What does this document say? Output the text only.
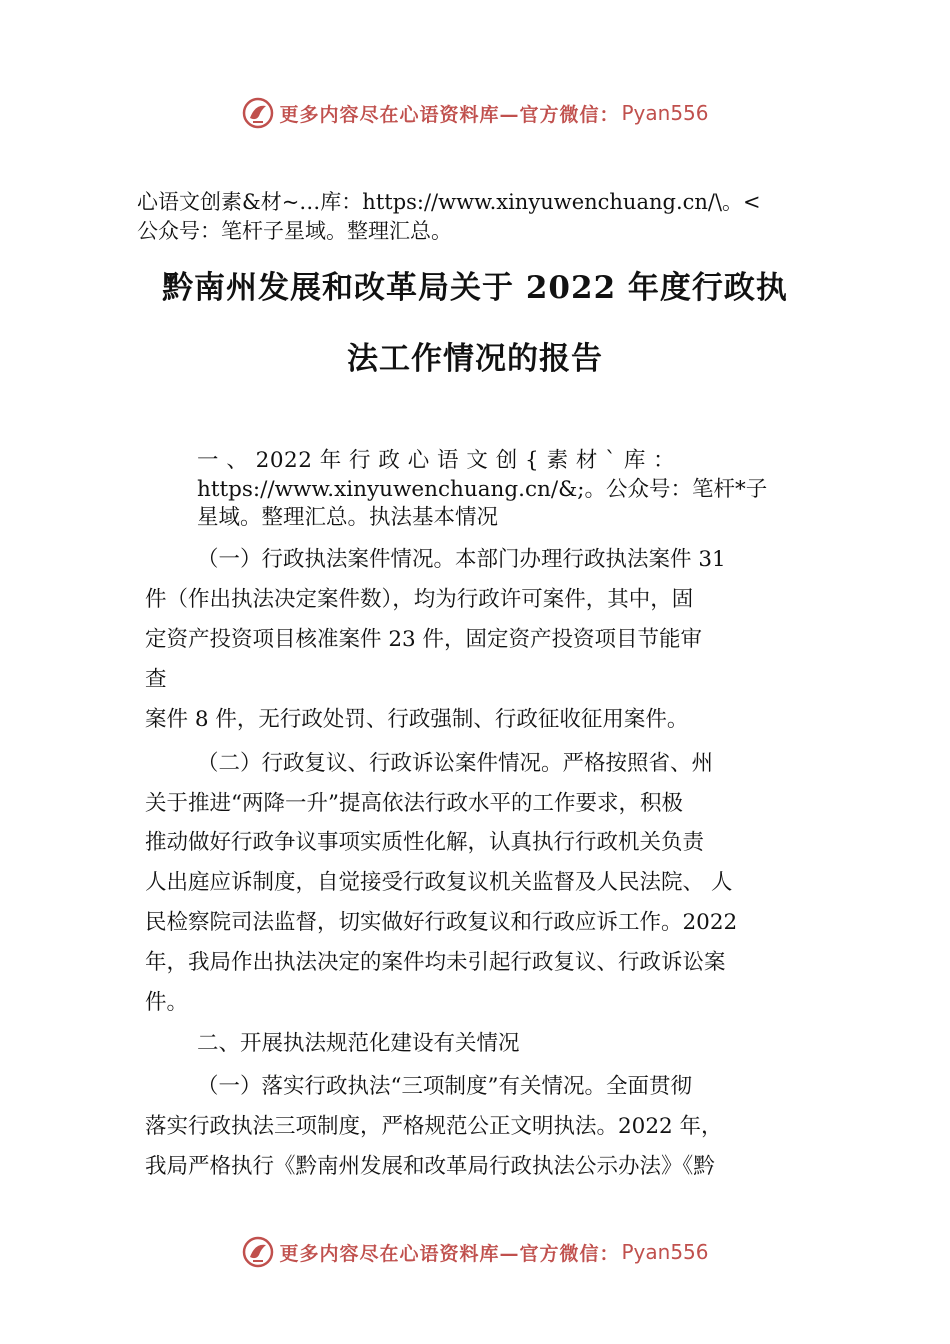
更多内容尽在心语资料库—官方微信： Pyan556
心语文创素&材~…库：https://www.xinyuwenchuang.cn/\。<
公众号：笔杆子星域。整理汇总。
黔南州发展和改革局关于 2022 年度行政执
法工作情况的报告
一 、 2022 年 行 政 心 语 文 创 { 素 材 ` 库 ：
https://www.xinyuwenchuang.cn/&;。公众号：笔杆*子
星域。整理汇总。执法基本情况
（一）行政执法案件情况。本部门办理行政执法案件 31
件（作出执法决定案件数），均为行政许可案件，其中，固
定资产投资项目核准案件 23 件，固定资产投资项目节能审
查
案件 8 件，无行政处罚、行政强制、行政征收征用案件。
（二）行政复议、行政诉讼案件情况。严格按照省、州
关于推进“两降一升”提高依法行政水平的工作要求，积极
推动做好行政争议事项实质性化解，认真执行行政机关负责
人出庭应诉制度，自觉接受行政复议机关监督及人民法院、 人
民检察院司法监督，切实做好行政复议和行政应诉工作。2022
年，我局作出执法决定的案件均未引起行政复议、行政诉讼案
件。
二、开展执法规范化建设有关情况
（一）落实行政执法“三项制度”有关情况。全面贯彻
落实行政执法三项制度，严格规范公正文明执法。2022 年，
我局严格执行《黔南州发展和改革局行政执法公示办法》《黔
更多内容尽在心语资料库—官方微信： Pyan556
